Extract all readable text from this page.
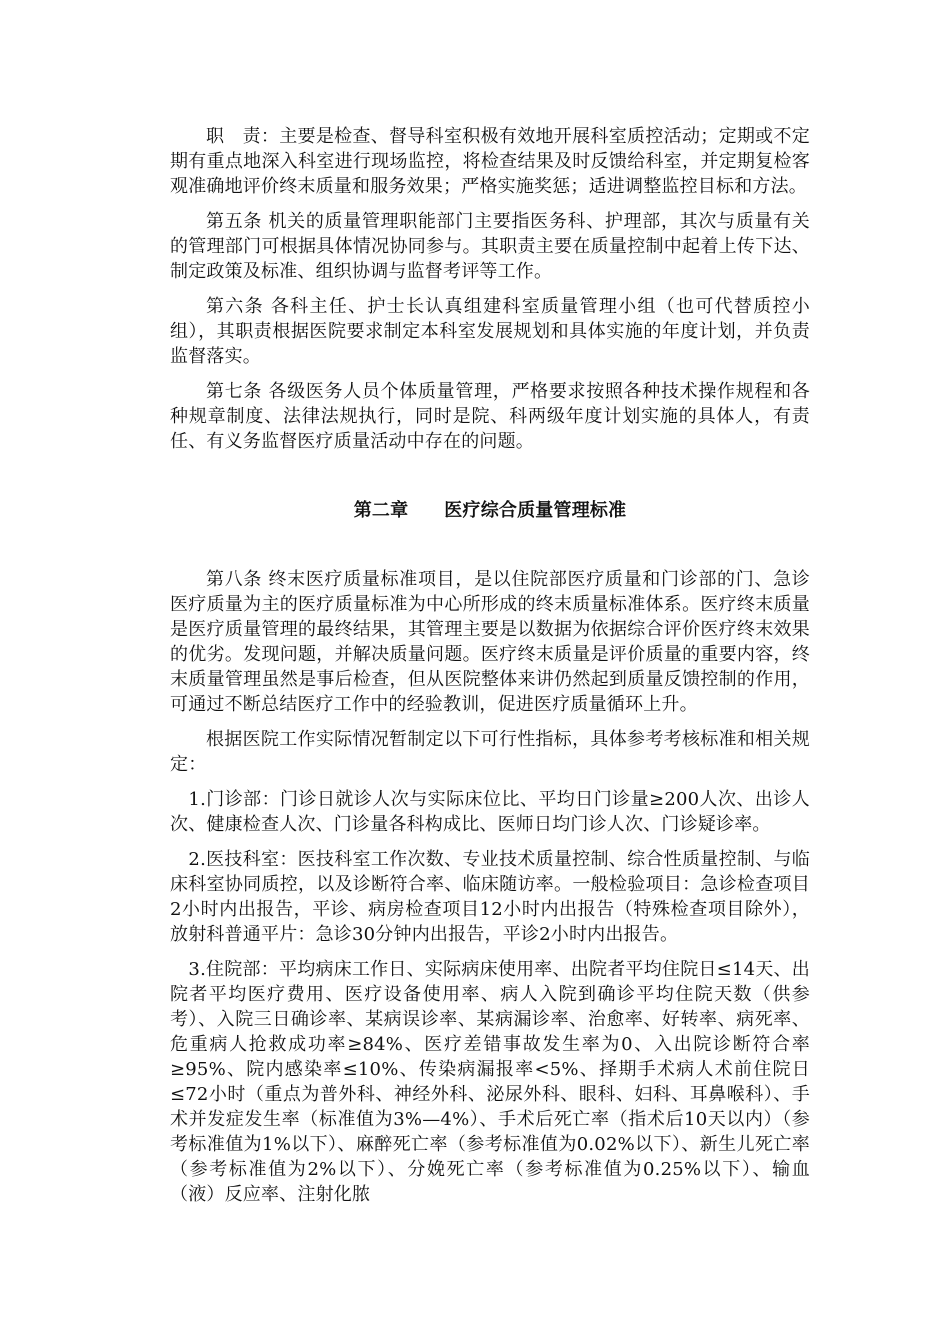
职　责：主要是检查、督导科室积极有效地开展科室质控活动；定期或不定期有重点地深入科室进行现场监控，将检查结果及时反馈给科室，并定期复检客观准确地评价终末质量和服务效果；严格实施奖惩；适进调整监控目标和方法。

第五条 机关的质量管理职能部门主要指医务科、护理部，其次与质量有关的管理部门可根据具体情况协同参与。其职责主要在质量控制中起着上传下达、制定政策及标准、组织协调与监督考评等工作。

第六条 各科主任、护士长认真组建科室质量管理小组（也可代替质控小组），其职责根据医院要求制定本科室发展规划和具体实施的年度计划，并负责监督落实。

第七条 各级医务人员个体质量管理，严格要求按照各种技术操作规程和各种规章制度、法律法规执行，同时是院、科两级年度计划实施的具体人，有责任、有义务监督医疗质量活动中存在的问题。

第二章 医疗综合质量管理标准

第八条 终末医疗质量标准项目，是以住院部医疗质量和门诊部的门、急诊医疗质量为主的医疗质量标准为中心所形成的终末质量标准体系。医疗终末质量是医疗质量管理的最终结果，其管理主要是以数据为依据综合评价医疗终末效果的优劣。发现问题，并解决质量问题。医疗终末质量是评价质量的重要内容，终末质量管理虽然是事后检查，但从医院整体来讲仍然起到质量反馈控制的作用，可通过不断总结医疗工作中的经验教训，促进医疗质量循环上升。

根据医院工作实际情况暂制定以下可行性指标，具体参考考核标准和相关规定：

1.门诊部：门诊日就诊人次与实际床位比、平均日门诊量≥200人次、出诊人次、健康检查人次、门诊量各科构成比、医师日均门诊人次、门诊疑诊率。

2.医技科室：医技科室工作次数、专业技术质量控制、综合性质量控制、与临床科室协同质控，以及诊断符合率、临床随访率。一般检验项目：急诊检查项目2小时内出报告，平诊、病房检查项目12小时内出报告（特殊检查项目除外），放射科普通平片：急诊30分钟内出报告，平诊2小时内出报告。

3.住院部：平均病床工作日、实际病床使用率、出院者平均住院日≤14天、出院者平均医疗费用、医疗设备使用率、病人入院到确诊平均住院天数（供参考）、入院三日确诊率、某病误诊率、某病漏诊率、治愈率、好转率、病死率、危重病人抢救成功率≥84%、医疗差错事故发生率为0、入出院诊断符合率≥95%、院内感染率≤10%、传染病漏报率<5%、择期手术病人术前住院日≤72小时（重点为普外科、神经外科、泌尿外科、眼科、妇科、耳鼻喉科）、手术并发症发生率（标准值为3%—4%）、手术后死亡率（指术后10天以内）（参考标准值为1%以下）、麻醉死亡率（参考标准值为0.02%以下）、新生儿死亡率（参考标准值为2%以下）、分娩死亡率（参考标准值为0.25%以下）、输血（液）反应率、注射化脓
